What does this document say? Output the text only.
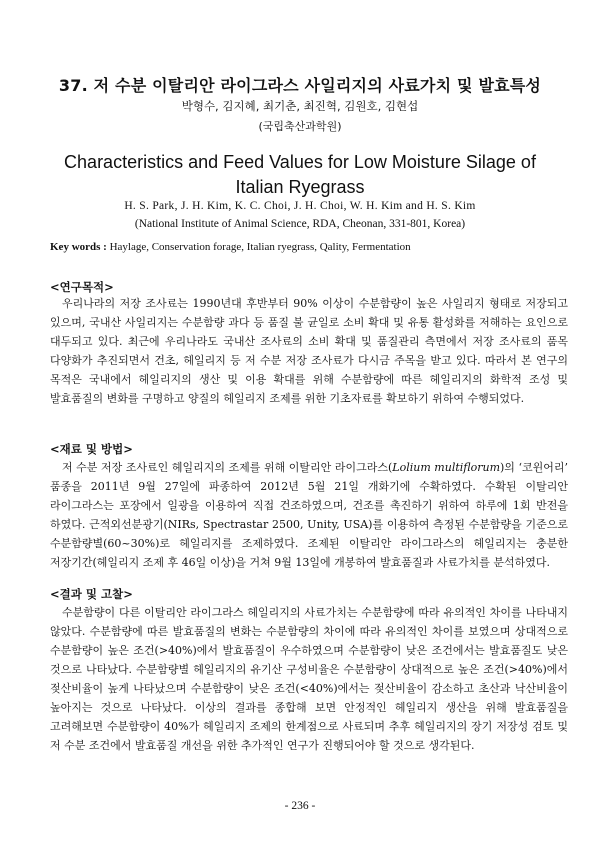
37. 저 수분 이탈리안 라이그라스 사일리지의 사료가치 및 발효특성
박형수, 김지혜, 최기춘, 최진혁, 김원호, 김현섭
(국립축산과학원)
Characteristics and Feed Values for Low Moisture Silage of Italian Ryegrass
H. S. Park, J. H. Kim, K. C. Choi, J. H. Choi, W. H. Kim and H. S. Kim
(National Institute of Animal Science, RDA, Cheonan, 331-801, Korea)
Key words : Haylage, Conservation forage, Italian ryegrass, Qality, Fermentation
<연구목적>
우리나라의 저장 조사료는 1990년대 후반부터 90% 이상이 수분함량이 높은 사일리지 형태로 저장되고 있으며, 국내산 사일리지는 수분함량 과다 등 품질 불 균일로 소비 확대 및 유통 활성화를 저해하는 요인으로 대두되고 있다. 최근에 우리나라도 국내산 조사료의 소비 확대 및 품질관리 측면에서 저장 조사료의 품목 다양화가 추진되면서 건초, 헤일리지 등 저 수분 저장 조사료가 다시금 주목을 받고 있다. 따라서 본 연구의 목적은 국내에서 헤일리지의 생산 및 이용 확대를 위해 수분함량에 따른 헤일리지의 화학적 조성 및 발효품질의 변화를 구명하고 양질의 헤일리지 조제를 위한 기초자료를 확보하기 위하여 수행되었다.
<재료 및 방법>
저 수분 저장 조사료인 헤일리지의 조제를 위해 이탈리안 라이그라스(Lolium multiflorum)의 ‘코윈어리’ 품종을 2011년 9월 27일에 파종하여 2012년 5월 21일 개화기에 수확하였다. 수확된 이탈리안 라이그라스는 포장에서 일광을 이용하여 직접 건조하였으며, 건조를 촉진하기 위하여 하루에 1회 반전을 하였다. 근적외선분광기(NIRs, Spectrastar 2500, Unity, USA)를 이용하여 측정된 수분함량을 기준으로 수분함량별(60~30%)로 헤일리지를 조제하였다. 조제된 이탈리안 라이그라스의 헤일리지는 충분한 저장기간(헤일리지 조제 후 46일 이상)을 거쳐 9월 13일에 개봉하여 발효품질과 사료가치를 분석하였다.
<결과 및 고찰>
수분함량이 다른 이탈리안 라이그라스 헤일리지의 사료가치는 수분함량에 따라 유의적인 차이를 나타내지 않았다. 수분함량에 따른 발효품질의 변화는 수분함량의 차이에 따라 유의적인 차이를 보였으며 상대적으로 수분함량이 높은 조건(>40%)에서 발효품질이 우수하였으며 수분함량이 낮은 조건에서는 발효품질도 낮은 것으로 나타났다. 수분함량별 헤일리지의 유기산 구성비율은 수분함량이 상대적으로 높은 조건(>40%)에서 젖산비율이 높게 나타났으며 수분함량이 낮은 조건(<40%)에서는 젖산비율이 감소하고 초산과 낙산비율이 높아지는 것으로 나타났다. 이상의 결과를 종합해 보면 안정적인 헤일리지 생산을 위해 발효품질을 고려해보면 수분함량이 40%가 헤일리지 조제의 한계점으로 사료되며 추후 헤일리지의 장기 저장성 검토 및 저 수분 조건에서 발효품질 개선을 위한 추가적인 연구가 진행되어야 할 것으로 생각된다.
- 236 -
